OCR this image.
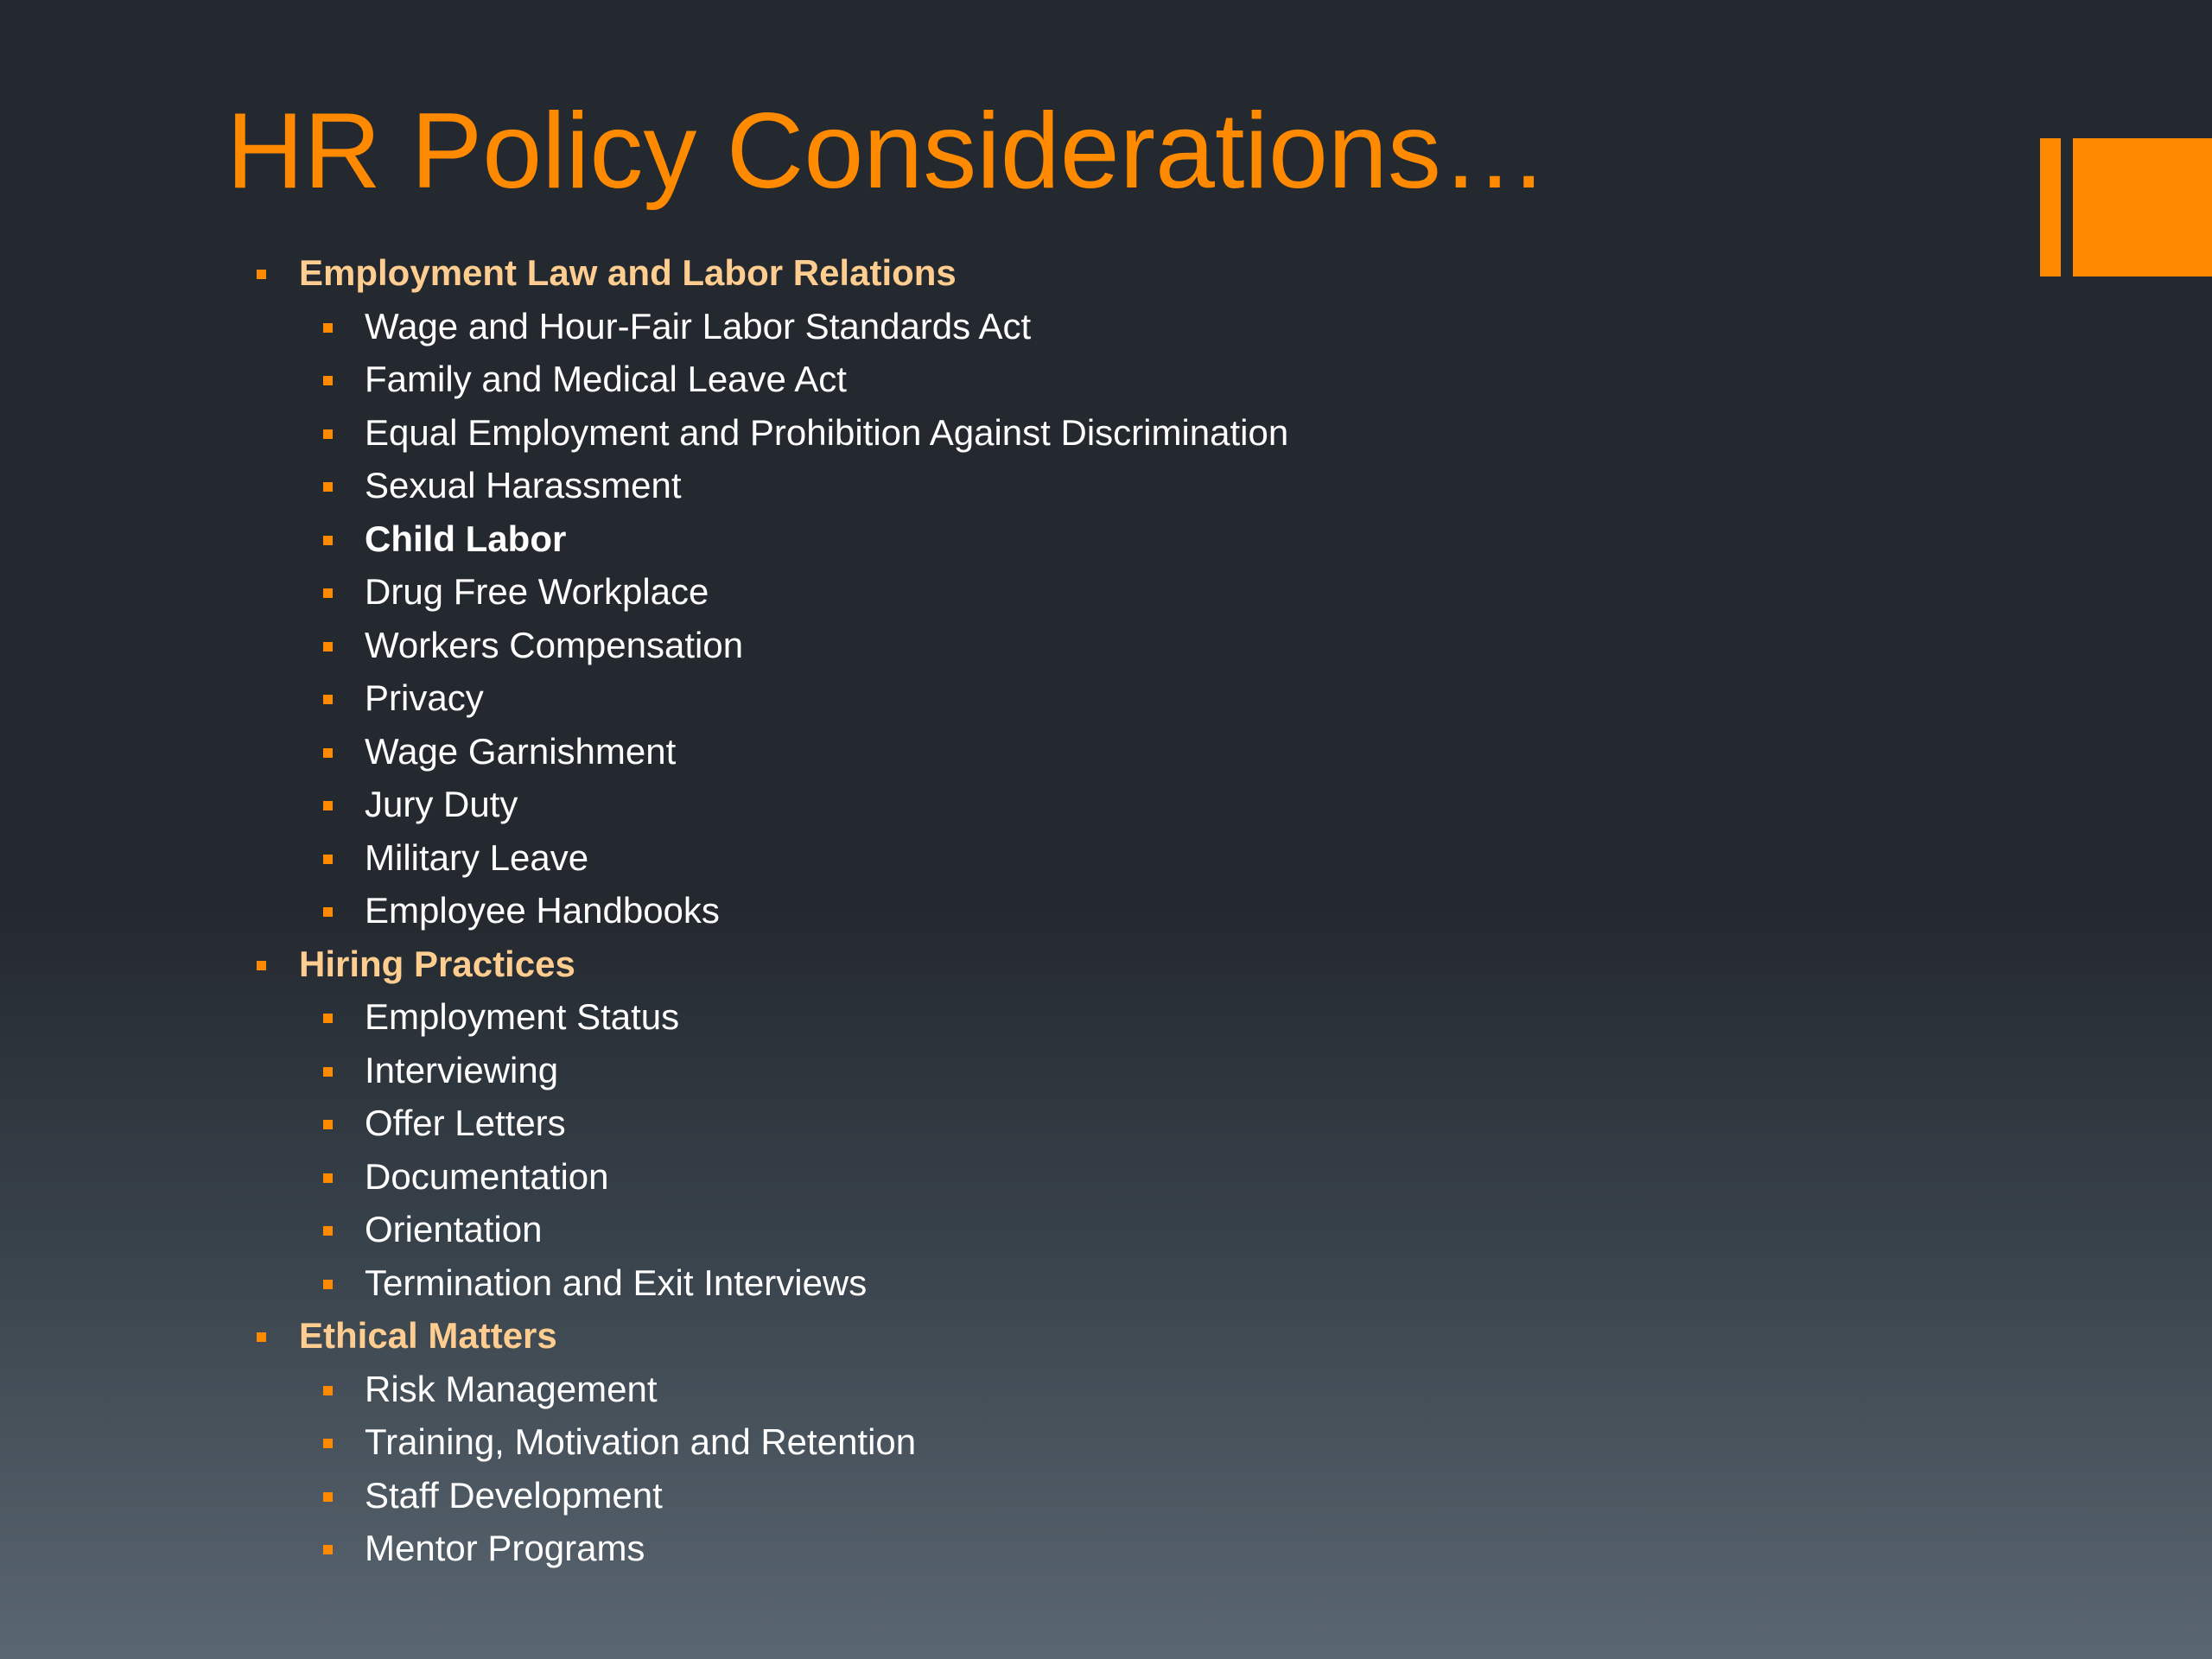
HR Policy Considerations…
Employment Law and Labor Relations
Wage and Hour-Fair Labor Standards Act
Family and Medical Leave Act
Equal Employment and Prohibition Against Discrimination
Sexual Harassment
Child Labor
Drug Free Workplace
Workers Compensation
Privacy
Wage Garnishment
Jury Duty
Military Leave
Employee Handbooks
Hiring Practices
Employment Status
Interviewing
Offer Letters
Documentation
Orientation
Termination and Exit Interviews
Ethical Matters
Risk Management
Training, Motivation and Retention
Staff Development
Mentor Programs
